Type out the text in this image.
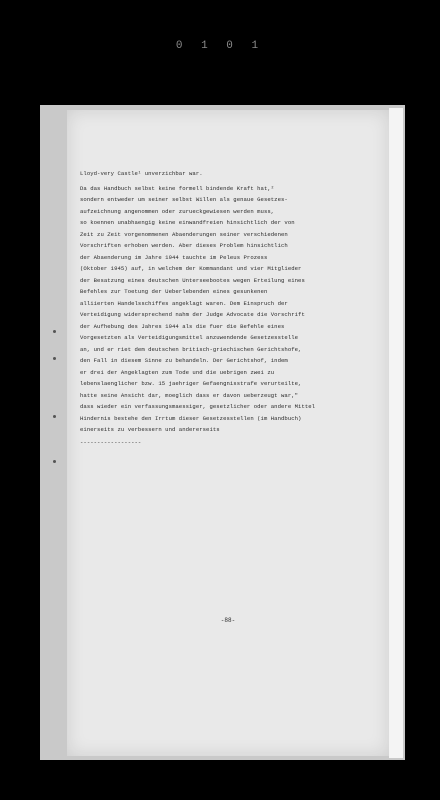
0 1 0 1
Lloyd-very Castle¹ unverzichbar war.
Da das Handbuch selbst keine formell bindende Kraft hat,²
sondern entweder um seiner selbst Willen als genaue Gesetzes-
aufzeichnung angenommen oder zurueckgewiesen werden muss,
so koennen unabhaengig keine einwandfreien hinsichtlich der von
Zeit zu Zeit vorgenommenen Abaenderungen seiner verschiedenen
Vorschriften erhoben werden. Aber dieses Problem hinsichtlich
der Abaenderung im Jahre 1944 tauchte im Peleus Prozess
(Oktober 1945) auf, in welchem der Kommandant und vier Mitglieder
der Besatzung eines deutschen Unterseebootes wegen Erteilung eines
Befehles zur Toetung der Ueberlebenden eines gesunkenen
alliierten Handelsschiffes angeklagt waren. Dem Einspruch der
Verteidigung widersprechend nahm der Judge Advocate die Vorschrift
der Aufhebung des Jahres 1944 als die fuer die Befehle eines
Vorgesetzten als Verteidigungsmittel anzuwendende Gesetzesstelle
an, und er riet dem deutschen britisch-griechischen Gerichtshofe,
den Fall in diesem Sinne zu behandeln. Der Gerichtshof, indem
er drei der Angeklagten zum Tode und die uebrigen zwei zu
lebenslaenglicher bzw. 15 jaehriger Gefaengnisstrafe verurteilte,
hatte seine Ansicht dar, moeglich dass er davon ueberzeugt war,"
dass wieder ein verfassungsmaessiger, gesetzlicher oder andere Mittel
Hindernis bestehe den Irrtum dieser Gesetzesstellen (im Handbuch)
einerseits zu verbessern und andererseits
------------------
-88-
